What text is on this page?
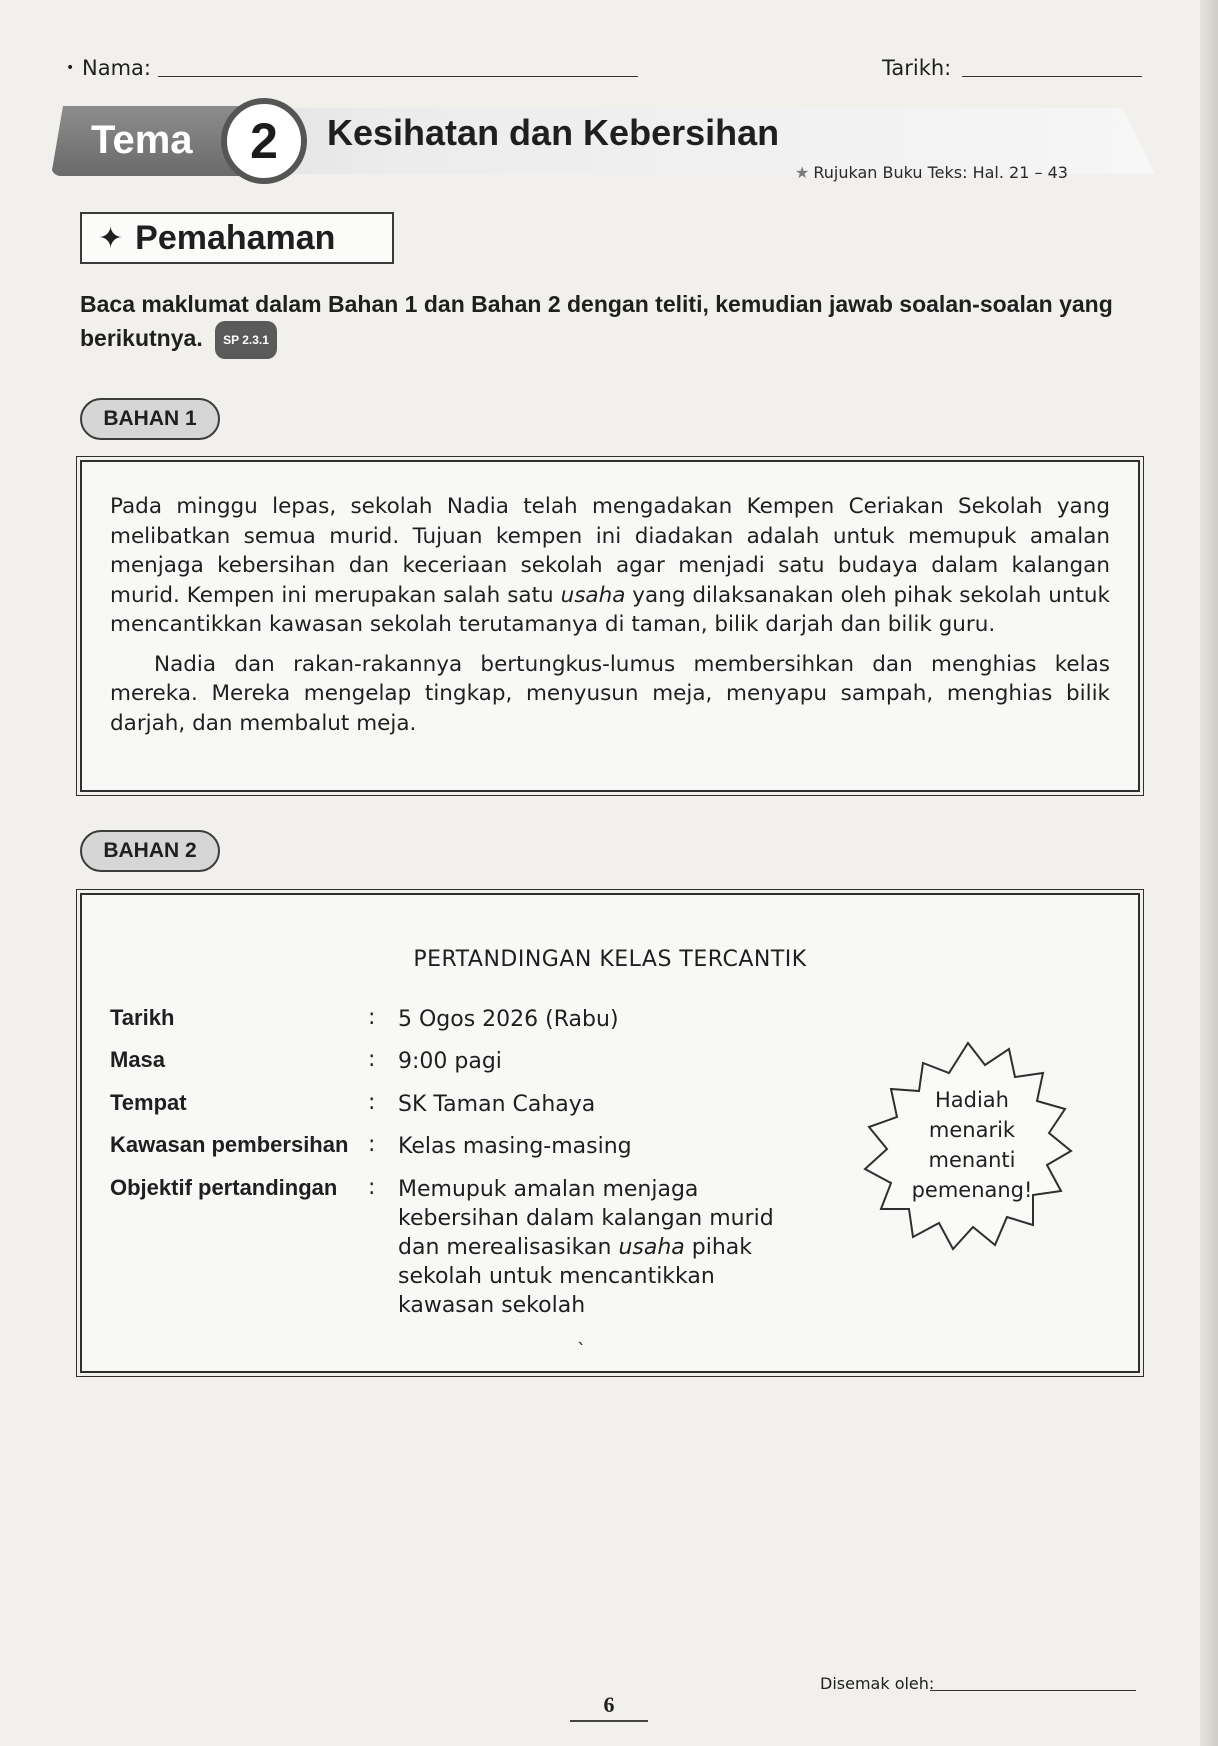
• Nama:	Tarikh:
Tema 2 Kesihatan dan Kebersihan
★ Rujukan Buku Teks: Hal. 21 – 43
✦ Pemahaman
Baca maklumat dalam Bahan 1 dan Bahan 2 dengan teliti, kemudian jawab soalan-soalan yang berikutnya. SP 2.3.1
BAHAN 1

Pada minggu lepas, sekolah Nadia telah mengadakan Kempen Ceriakan Sekolah yang melibatkan semua murid. Tujuan kempen ini diadakan adalah untuk memupuk amalan menjaga kebersihan dan keceriaan sekolah agar menjadi satu budaya dalam kalangan murid. Kempen ini merupakan salah satu usaha yang dilaksanakan oleh pihak sekolah untuk mencantikkan kawasan sekolah terutamanya di taman, bilik darjah dan bilik guru.

Nadia dan rakan-rakannya bertungkus-lumus membersihkan dan menghias kelas mereka. Mereka mengelap tingkap, menyusun meja, menyapu sampah, menghias bilik darjah, dan membalut meja.

BAHAN 2
PERTANDINGAN KELAS TERCANTIK
Tarikh	:	5 Ogos 2026 (Rabu)
Masa	:	9:00 pagi
Tempat	:	SK Taman Cahaya
Kawasan pembersihan :	Kelas masing-masing
Objektif pertandingan	:	Memupuk amalan menjaga kebersihan dalam kalangan murid dan merealisasikan usaha pihak sekolah untuk mencantikkan kawasan sekolah
Hadiah menarik menanti pemenang!
ˎ
Disemak oleh:
6
